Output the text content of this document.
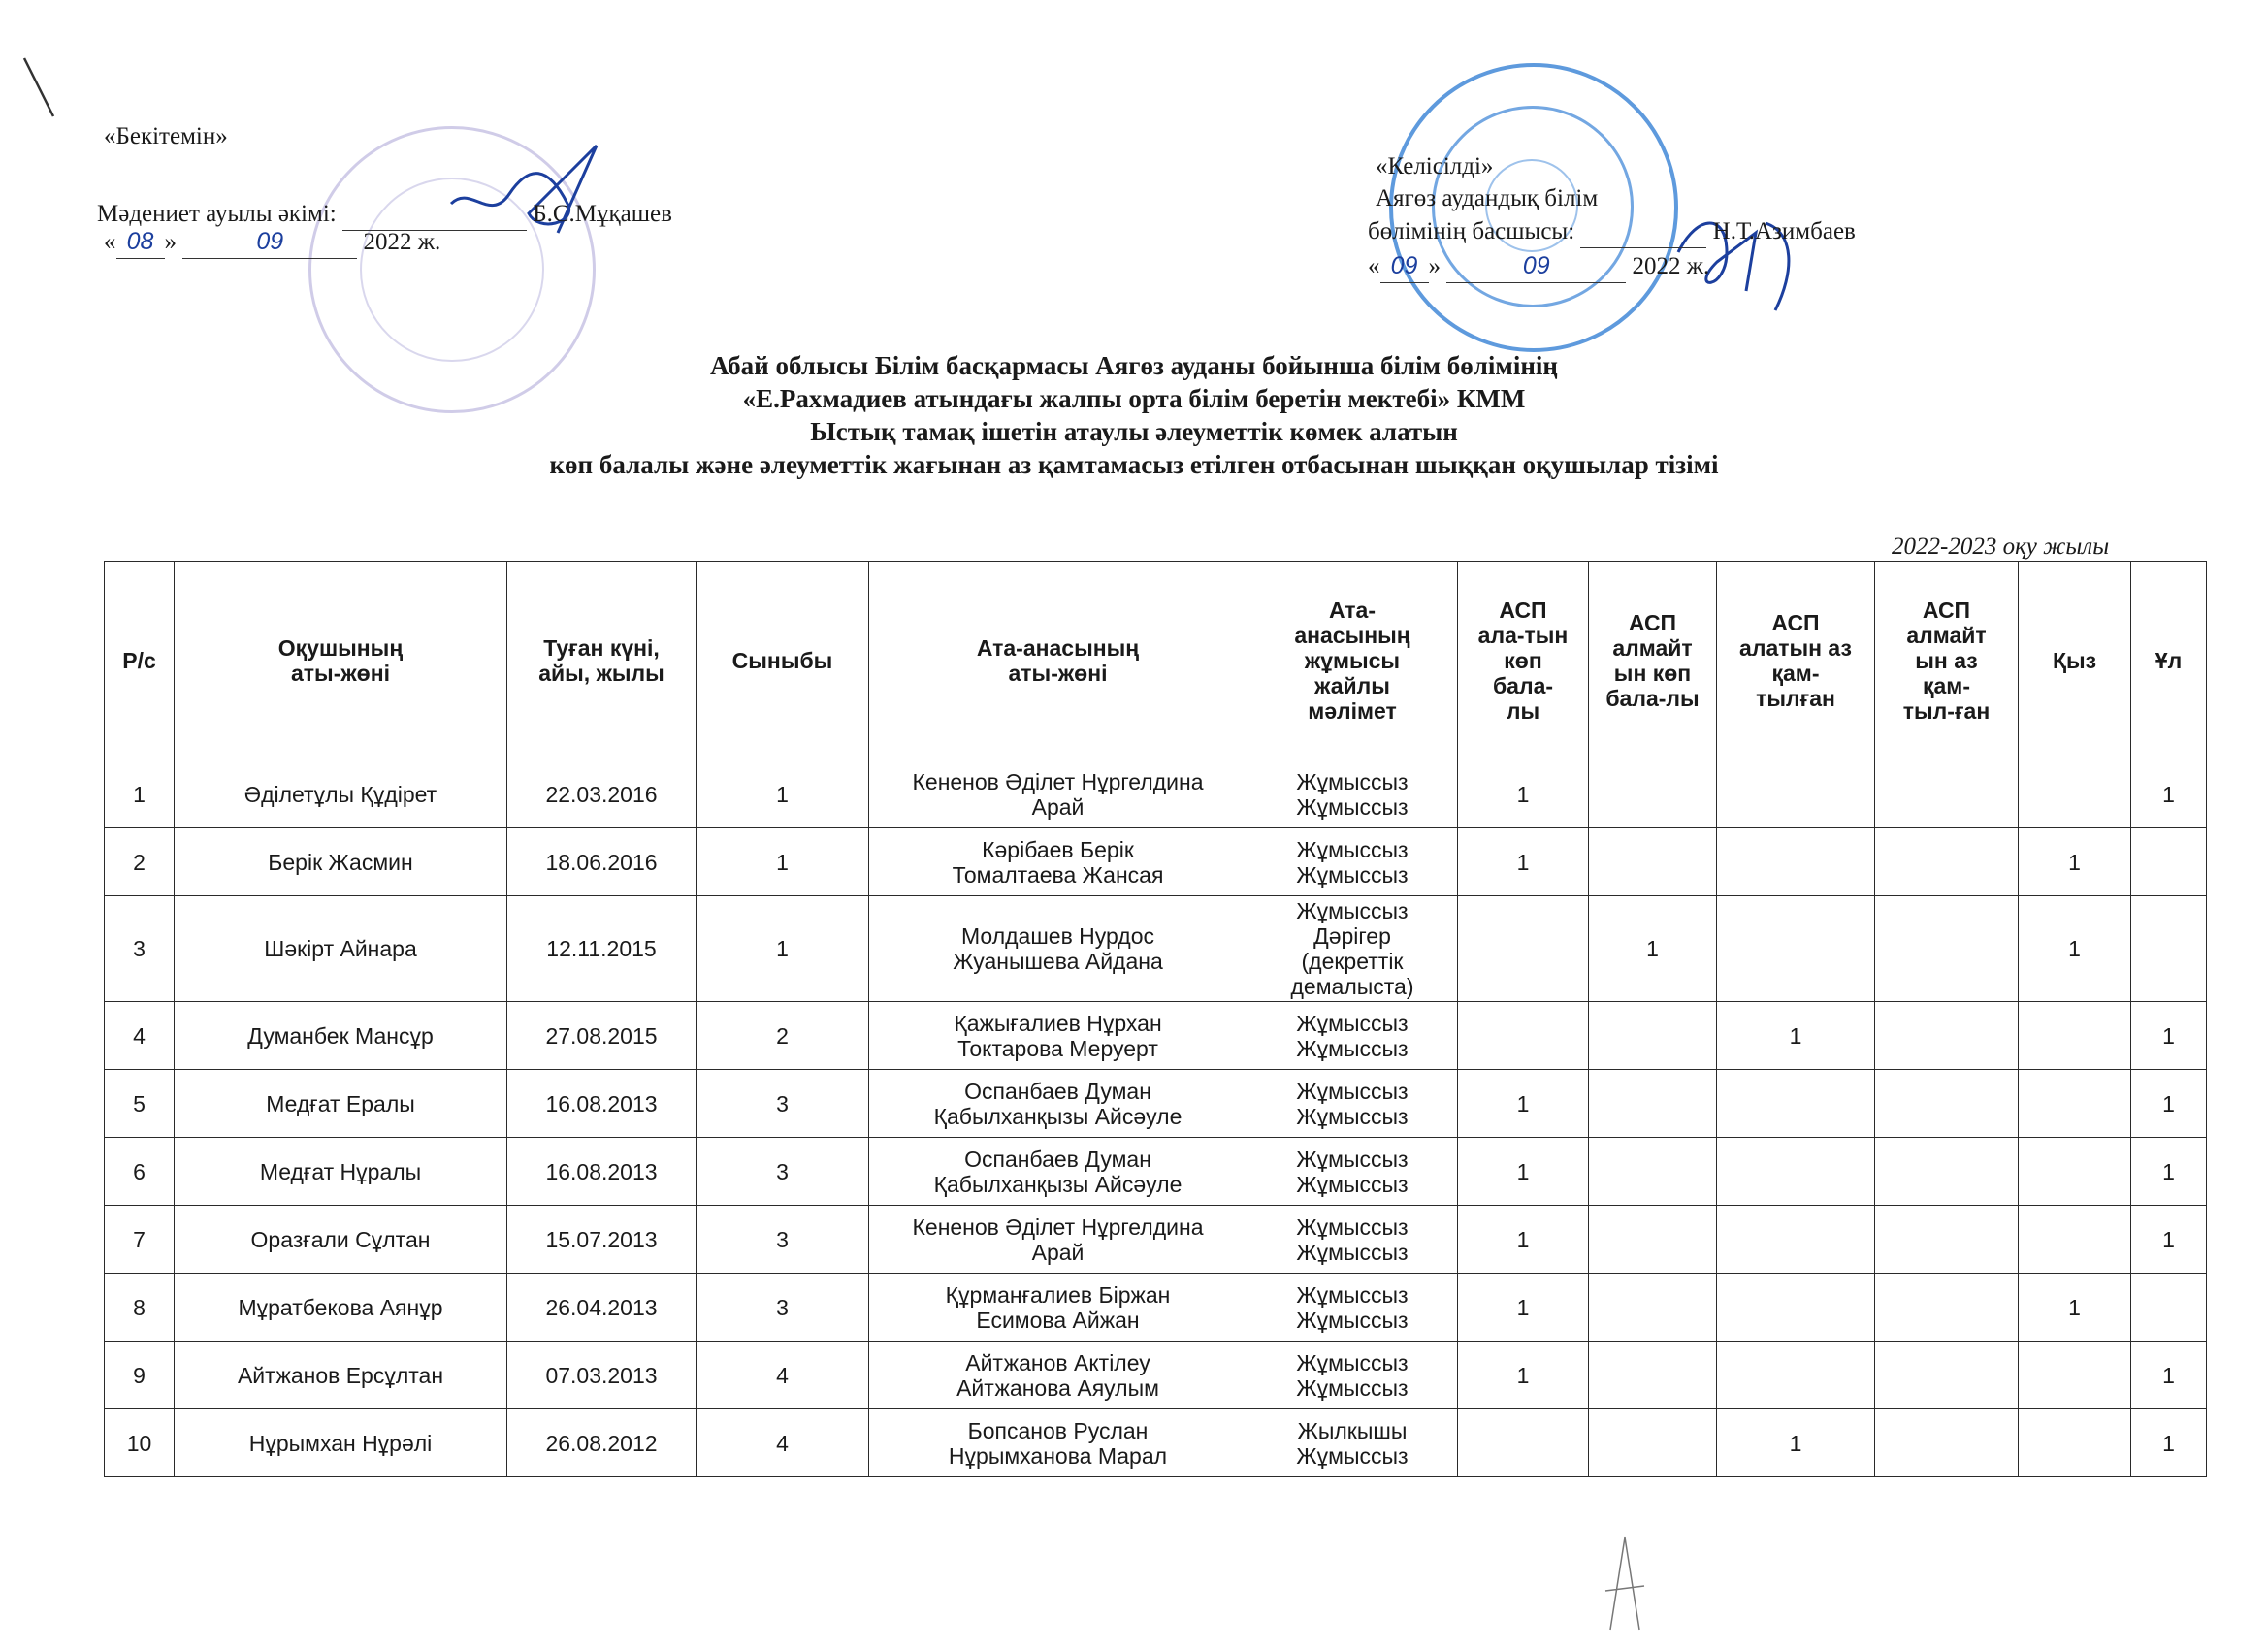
«Бекітемін»
Мәдениет ауылы әкімі:	Б.С.Мұқашев
« 08 »	09	2022 ж.
«Келісілді»
Аягөз аудандық білім
бөлімінің басшысы:	Н.Т.Азимбаев
« 09 »	09	2022 ж.
Абай облысы Білім басқармасы Аягөз ауданы бойынша білім бөлімінің
«Е.Рахмадиев атындағы жалпы орта білім беретін мектебі» КММ
Ыстық тамақ ішетін атаулы әлеуметтік көмек алатын
көп балалы және әлеуметтік жағынан аз қамтамасыз етілген отбасынан шыққан оқушылар тізімі
2022-2023 оқу жылы
Р/с	Оқушының
аты-жөні	Туған күні,
айы, жылы	Сыныбы	Ата-анасының
аты-жөні	Ата-
анасының
жұмысы
жайлы
мәлімет	АСП
ала-тын
көп
бала-
лы	АСП
алмайт
ын көп
бала-лы	АСП
алатын аз
қам-
тылған	АСП
алмайт
ын аз
қам-
тыл-ған	Қыз	Ұл
1	Әділетұлы Құдірет	22.03.2016	1	Кененов Әділет Нұргелдина
Арай	Жұмыссыз
Жұмыссыз	1					1
2	Берік Жасмин	18.06.2016	1	Кәрібаев Берік
Томалтаева Жансая	Жұмыссыз
Жұмыссыз	1				1	
3	Шәкірт Айнара	12.11.2015	1	Молдашев Нурдос
Жуанышева Айдана	Жұмыссыз
Дәрігер
(декреттік
демалыста)		1			1	
4	Думанбек Мансұр	27.08.2015	2	Қажығалиев Нұрхан
Токтарова Меруерт	Жұмыссыз
Жұмыссыз			1			1
5	Медғат Ералы	16.08.2013	3	Оспанбаев Думан
Қабылханқызы Айсәуле	Жұмыссыз
Жұмыссыз	1					1
6	Медғат Нұралы	16.08.2013	3	Оспанбаев Думан
Қабылханқызы Айсәуле	Жұмыссыз
Жұмыссыз	1					1
7	Оразғали Сұлтан	15.07.2013	3	Кененов Әділет Нұргелдина
Арай	Жұмыссыз
Жұмыссыз	1					1
8	Мұратбекова Аянұр	26.04.2013	3	Құрманғалиев Біржан
Есимова Айжан	Жұмыссыз
Жұмыссыз	1				1	
9	Айтжанов Ерсұлтан	07.03.2013	4	Айтжанов Актілеу
Айтжанова Аяулым	Жұмыссыз
Жұмыссыз	1					1
10	Нұрымхан Нұрәлі	26.08.2012	4	Бопсанов Руслан
Нұрымханова Марал	Жылкышы
Жұмыссыз			1			1
